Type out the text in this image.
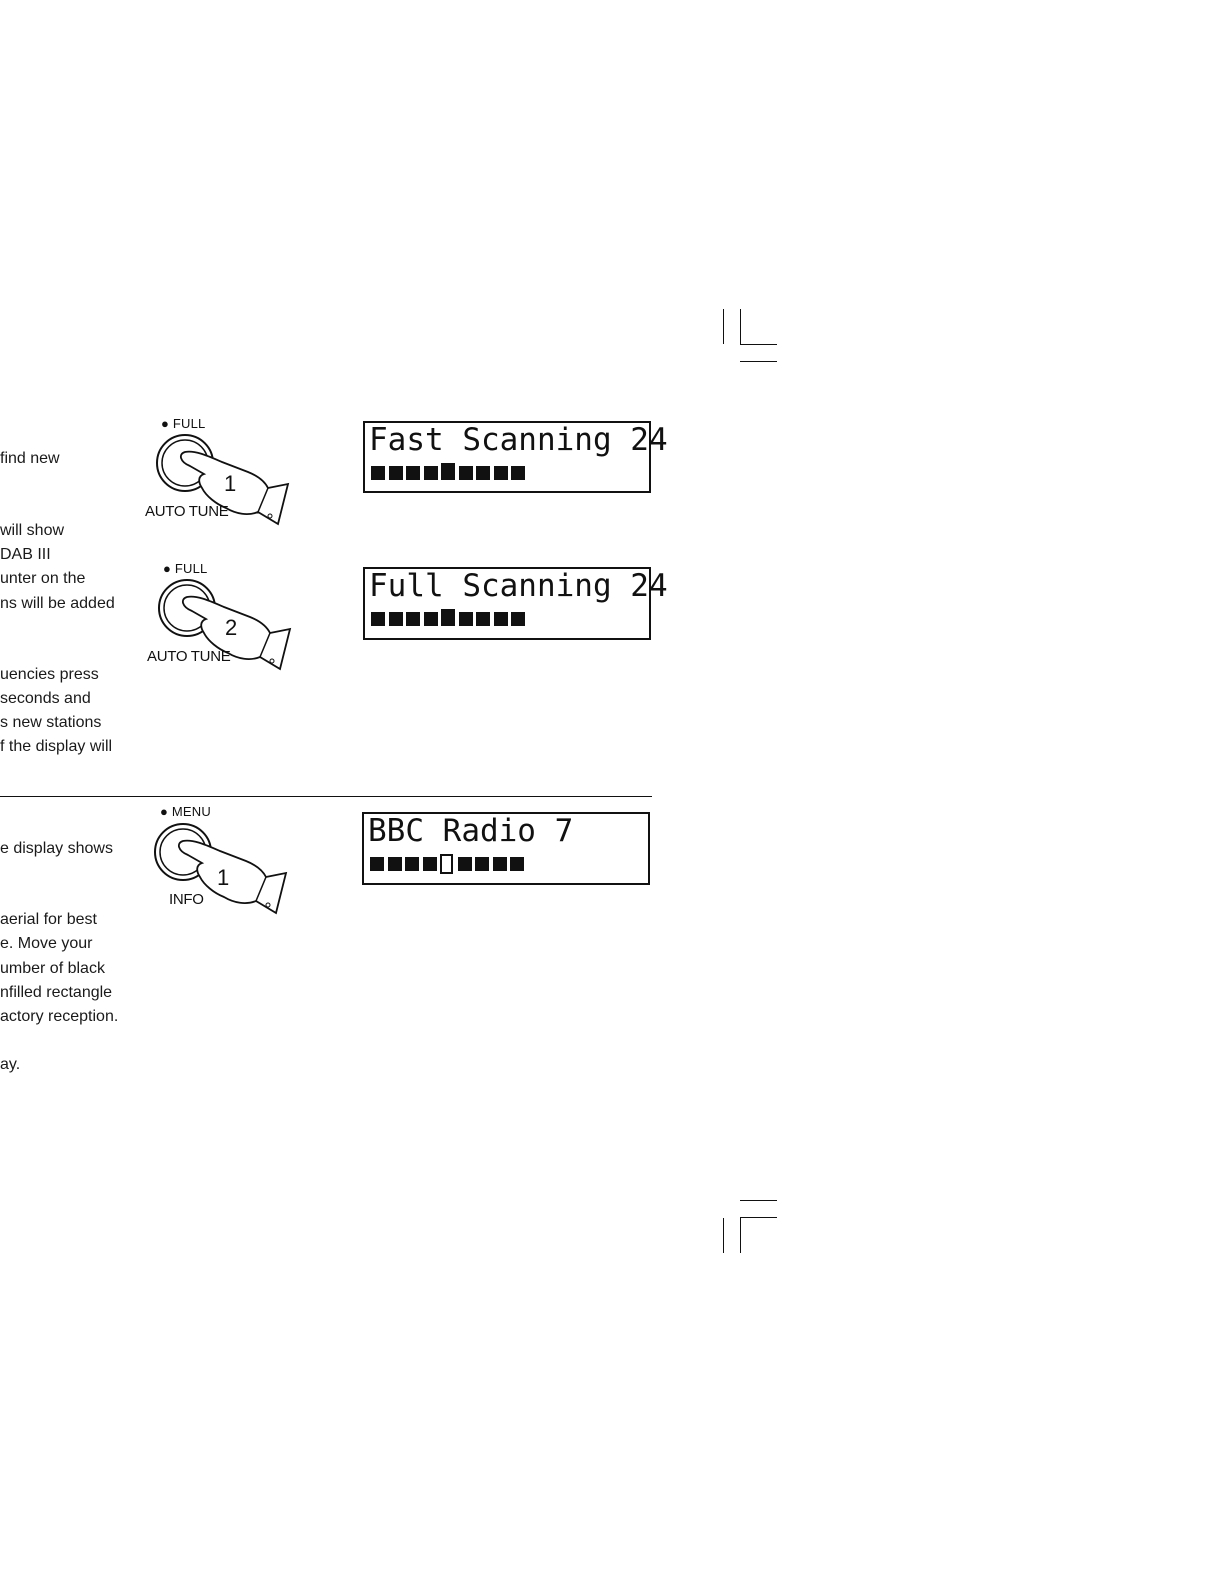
find new
will show
DAB III
unter on the
ns will be added
uencies press
seconds and
s new stations
f the display will
● FULL
1
AUTO TUNE
Fast Scanning 24
● FULL
2
AUTO TUNE
Full Scanning 24
e display shows
aerial for best
e. Move your
umber of black
nfilled rectangle
actory reception.
ay.
● MENU
1
INFO
BBC Radio 7
